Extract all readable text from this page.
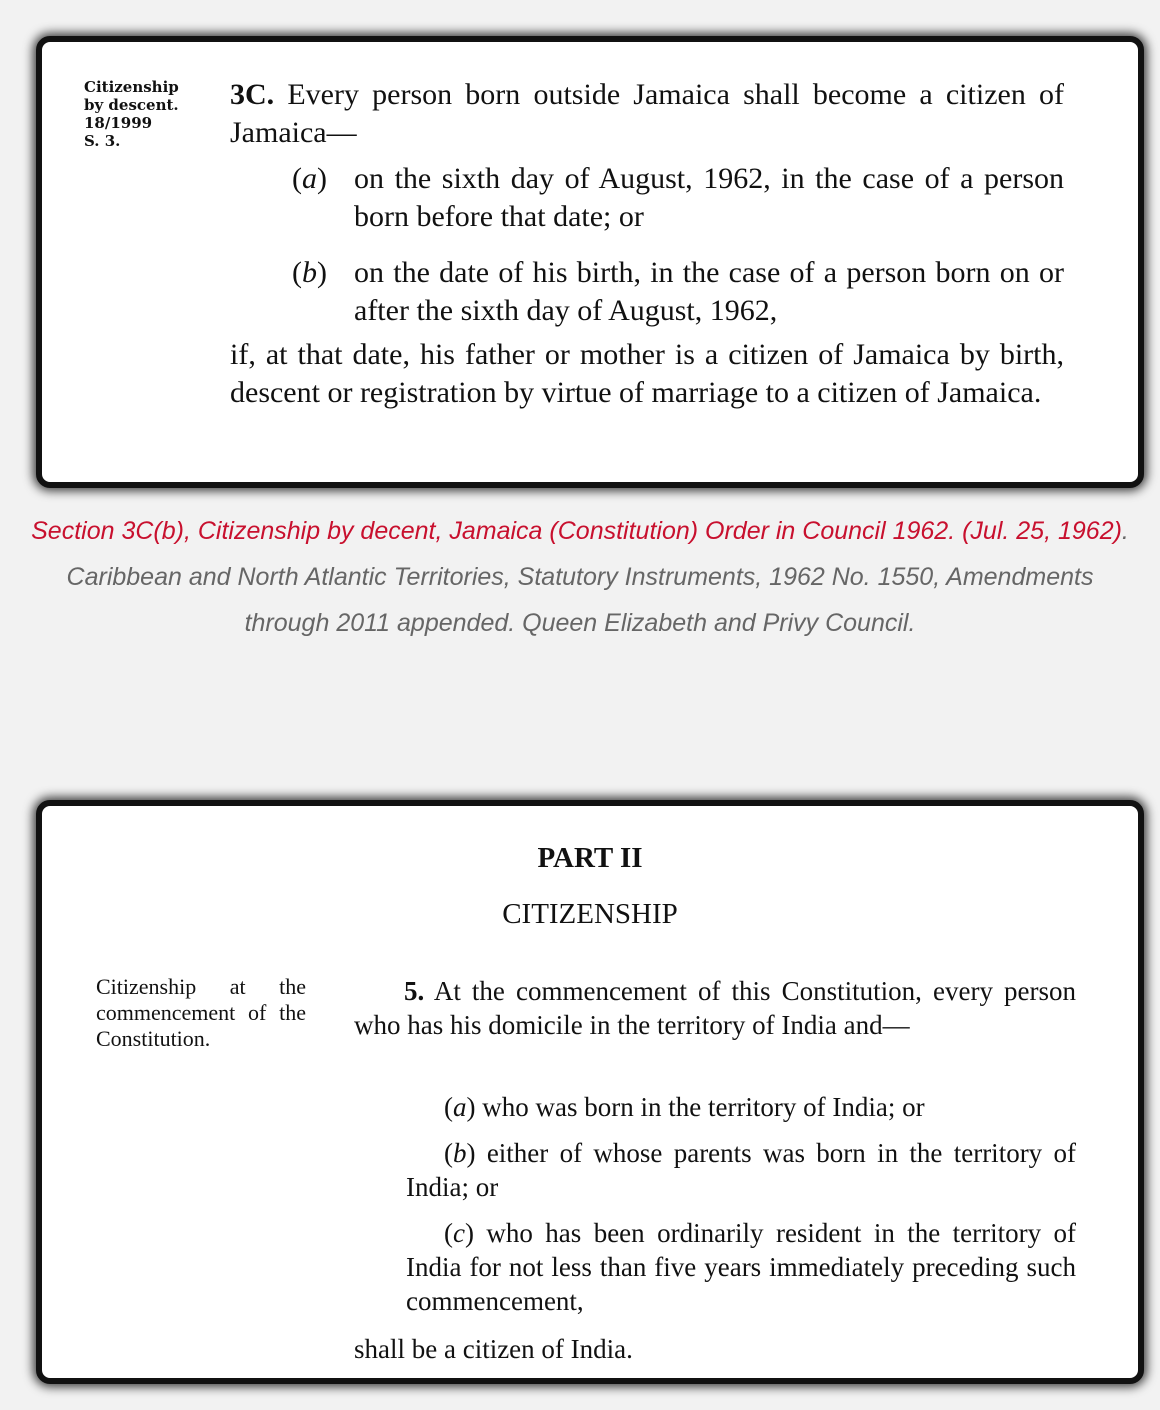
Citizenship
by descent.
18/1999
S. 3.
3C. Every person born outside Jamaica shall become a citizen of Jamaica—
(a) on the sixth day of August, 1962, in the case of a person born before that date; or
(b) on the date of his birth, in the case of a person born on or after the sixth day of August, 1962,
if, at that date, his father or mother is a citizen of Jamaica by birth, descent or registration by virtue of marriage to a citizen of Jamaica.
Section 3C(b), Citizenship by decent, Jamaica (Constitution) Order in Council 1962. (Jul. 25, 1962). Caribbean and North Atlantic Territories, Statutory Instruments, 1962 No. 1550, Amendments through 2011 appended. Queen Elizabeth and Privy Council.
PART II
CITIZENSHIP
Citizenship at the commencement of the Constitution.
5. At the commencement of this Constitution, every person who has his domicile in the territory of India and—
(a) who was born in the territory of India; or
(b) either of whose parents was born in the territory of India; or
(c) who has been ordinarily resident in the territory of India for not less than five years immediately preceding such commencement,
shall be a citizen of India.
